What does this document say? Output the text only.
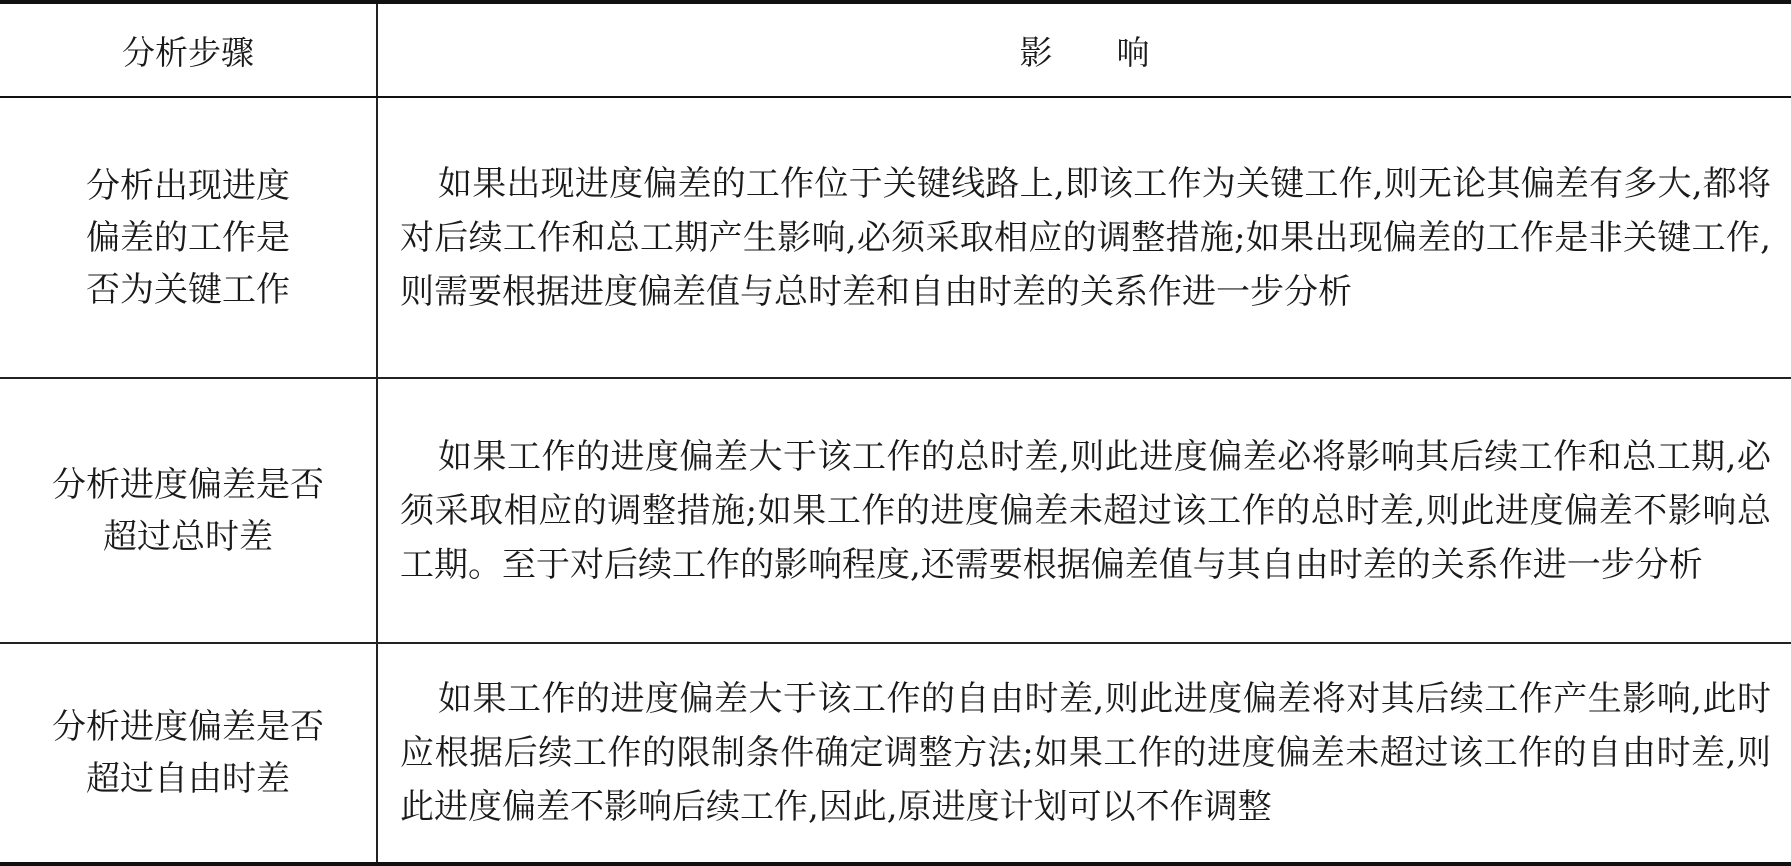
分析步骤	影响
分析出现进度
偏差的工作是
否为关键工作	如果出现进度偏差的工作位于关键线路上,即该工作为关键工作,则无论其偏差有多大,都将对后续工作和总工期产生影响,必须采取相应的调整措施;如果出现偏差的工作是非关键工作,则需要根据进度偏差值与总时差和自由时差的关系作进一步分析
分析进度偏差是否
超过总时差	如果工作的进度偏差大于该工作的总时差,则此进度偏差必将影响其后续工作和总工期,必须采取相应的调整措施;如果工作的进度偏差未超过该工作的总时差,则此进度偏差不影响总工期。至于对后续工作的影响程度,还需要根据偏差值与其自由时差的关系作进一步分析
分析进度偏差是否
超过自由时差	如果工作的进度偏差大于该工作的自由时差,则此进度偏差将对其后续工作产生影响,此时应根据后续工作的限制条件确定调整方法;如果工作的进度偏差未超过该工作的自由时差,则此进度偏差不影响后续工作,因此,原进度计划可以不作调整
